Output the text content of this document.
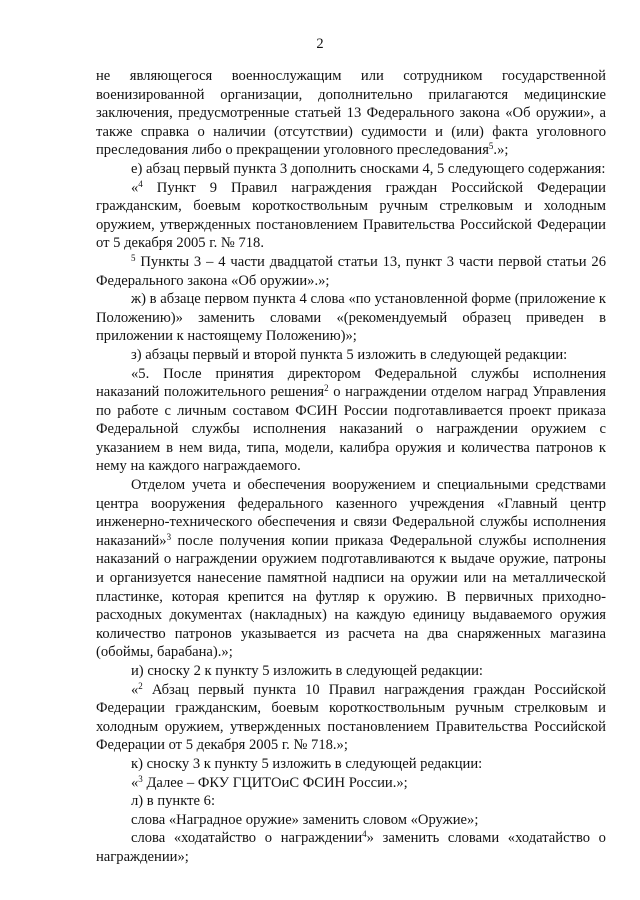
2

не являющегося военнослужащим или сотрудником государственной военизированной организации, дополнительно прилагаются медицинские заключения, предусмотренные статьей 13 Федерального закона «Об оружии», а также справка о наличии (отсутствии) судимости и (или) факта уголовного преследования либо о прекращении уголовного преследования$^5$.»;

е) абзац первый пункта 3 дополнить сносками 4, 5 следующего содержания:

«$^4$ Пункт 9 Правил награждения граждан Российской Федерации гражданским, боевым короткоствольным ручным стрелковым и холодным оружием, утвержденных постановлением Правительства Российской Федерации от 5 декабря 2005 г. № 718.

$^5$ Пункты 3 – 4 части двадцатой статьи 13, пункт 3 части первой статьи 26 Федерального закона «Об оружии».»;

ж) в абзаце первом пункта 4 слова «по установленной форме (приложение к Положению)» заменить словами «(рекомендуемый образец приведен в приложении к настоящему Положению)»;

з) абзацы первый и второй пункта 5 изложить в следующей редакции:

«5. После принятия директором Федеральной службы исполнения наказаний положительного решения$^2$ о награждении отделом наград Управления по работе с личным составом ФСИН России подготавливается проект приказа Федеральной службы исполнения наказаний о награждении оружием с указанием в нем вида, типа, модели, калибра оружия и количества патронов к нему на каждого награждаемого.

Отделом учета и обеспечения вооружением и специальными средствами центра вооружения федерального казенного учреждения «Главный центр инженерно-технического обеспечения и связи Федеральной службы исполнения наказаний»$^3$ после получения копии приказа Федеральной службы исполнения наказаний о награждении оружием подготавливаются к выдаче оружие, патроны и организуется нанесение памятной надписи на оружии или на металлической пластинке, которая крепится на футляр к оружию. В первичных приходно-расходных документах (накладных) на каждую единицу выдаваемого оружия количество патронов указывается из расчета на два снаряженных магазина (обоймы, барабана).»;

и) сноску 2 к пункту 5 изложить в следующей редакции:

«$^2$ Абзац первый пункта 10 Правил награждения граждан Российской Федерации гражданским, боевым короткоствольным ручным стрелковым и холодным оружием, утвержденных постановлением Правительства Российской Федерации от 5 декабря 2005 г. № 718.»;

к) сноску 3 к пункту 5 изложить в следующей редакции:

«$^3$ Далее – ФКУ ГЦИТОиС ФСИН России.»;

л) в пункте 6:

слова «Наградное оружие» заменить словом «Оружие»;

слова «ходатайство о награждении$^4$» заменить словами «ходатайство о награждении»;
